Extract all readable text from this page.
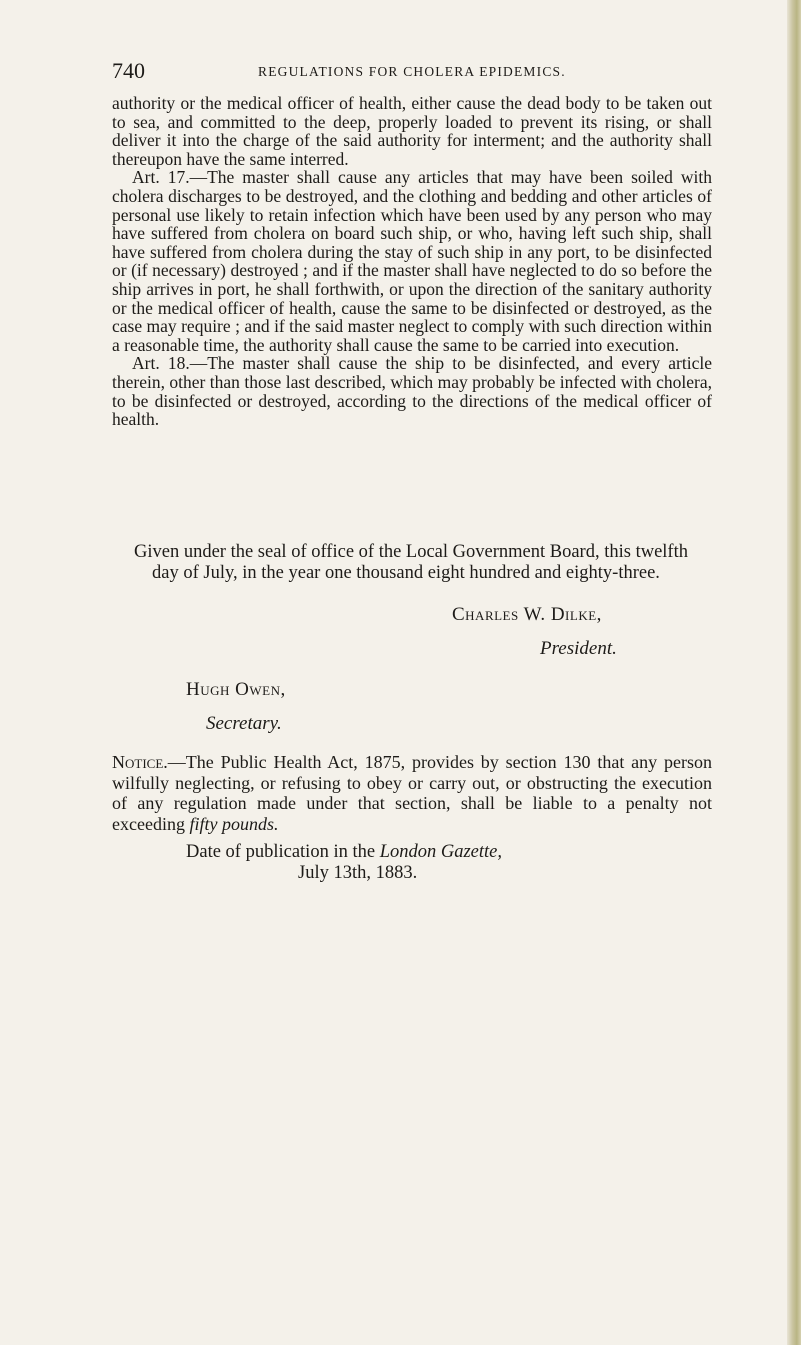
740	REGULATIONS FOR CHOLERA EPIDEMICS.

authority or the medical officer of health, either cause the dead body to be taken out to sea, and committed to the deep, properly loaded to prevent its rising, or shall deliver it into the charge of the said authority for interment; and the authority shall thereupon have the same interred.

Art. 17.—The master shall cause any articles that may have been soiled with cholera discharges to be destroyed, and the clothing and bedding and other articles of personal use likely to retain infection which have been used by any person who may have suffered from cholera on board such ship, or who, having left such ship, shall have suffered from cholera during the stay of such ship in any port, to be disinfected or (if necessary) destroyed ; and if the master shall have neglected to do so before the ship arrives in port, he shall forthwith, or upon the direction of the sanitary authority or the medical officer of health, cause the same to be disinfected or destroyed, as the case may require ; and if the said master neglect to comply with such direction within a reasonable time, the authority shall cause the same to be carried into execution.

Art. 18.—The master shall cause the ship to be disinfected, and every article therein, other than those last described, which may probably be infected with cholera, to be disinfected or destroyed, according to the directions of the medical officer of health.

Given under the seal of office of the Local Government Board, this twelfth
day of July, in the year one thousand eight hundred and eighty-three.
Charles W. Dilke,
President.
Hugh Owen,
Secretary.
Notice.—The Public Health Act, 1875, provides by section 130 that any person wilfully neglecting, or refusing to obey or carry out, or obstructing the execution of any regulation made under that section, shall be liable to a penalty not exceeding fifty pounds.
Date of publication in the London Gazette,
July 13th, 1883.
